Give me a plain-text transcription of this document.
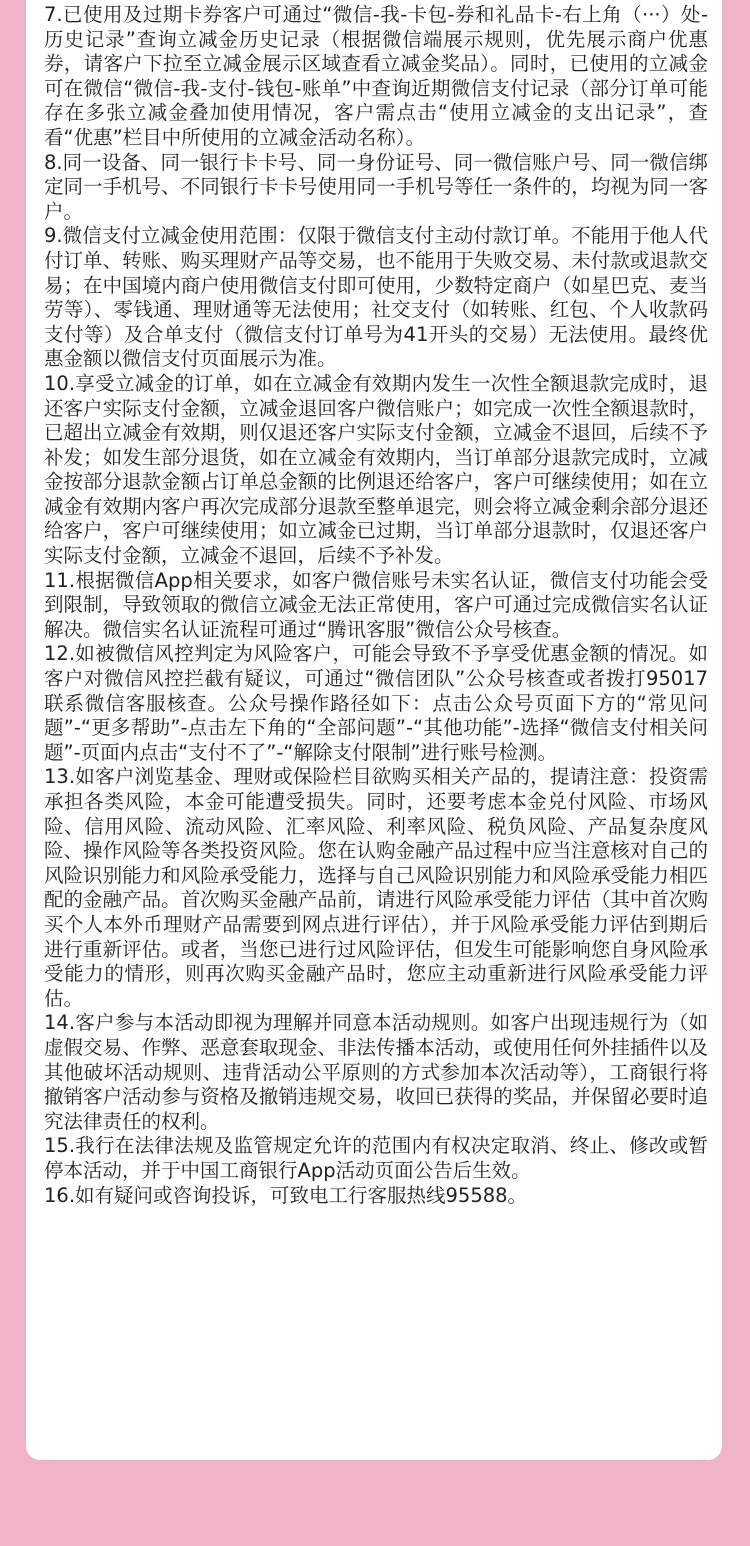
7.已使用及过期卡券客户可通过“微信-我-卡包-券和礼品卡-右上角（···）处-历史记录”查询立减金历史记录（根据微信端展示规则，优先展示商户优惠券，请客户下拉至立减金展示区域查看立减金奖品）。同时，已使用的立减金可在微信“微信-我-支付-钱包-账单”中查询近期微信支付记录（部分订单可能存在多张立减金叠加使用情况，客户需点击“使用立减金的支出记录”，查看“优惠”栏目中所使用的立减金活动名称）。
8.同一设备、同一银行卡卡号、同一身份证号、同一微信账户号、同一微信绑定同一手机号、不同银行卡卡号使用同一手机号等任一条件的，均视为同一客户。
9.微信支付立减金使用范围：仅限于微信支付主动付款订单。不能用于他人代付订单、转账、购买理财产品等交易，也不能用于失败交易、未付款或退款交易；在中国境内商户使用微信支付即可使用，少数特定商户（如星巴克、麦当劳等）、零钱通、理财通等无法使用；社交支付（如转账、红包、个人收款码支付等）及合单支付（微信支付订单号为41开头的交易）无法使用。最终优惠金额以微信支付页面展示为准。
10.享受立减金的订单，如在立减金有效期内发生一次性全额退款完成时，退还客户实际支付金额，立减金退回客户微信账户；如完成一次性全额退款时，已超出立减金有效期，则仅退还客户实际支付金额，立减金不退回，后续不予补发；如发生部分退货，如在立减金有效期内，当订单部分退款完成时，立减金按部分退款金额占订单总金额的比例退还给客户，客户可继续使用；如在立减金有效期内客户再次完成部分退款至整单退完，则会将立减金剩余部分退还给客户，客户可继续使用；如立减金已过期，当订单部分退款时，仅退还客户实际支付金额，立减金不退回，后续不予补发。
11.根据微信App相关要求，如客户微信账号未实名认证，微信支付功能会受到限制，导致领取的微信立减金无法正常使用，客户可通过完成微信实名认证解决。微信实名认证流程可通过“腾讯客服”微信公众号核查。
12.如被微信风控判定为风险客户，可能会导致不予享受优惠金额的情况。如客户对微信风控拦截有疑议，可通过“微信团队”公众号核查或者拨打95017联系微信客服核查。公众号操作路径如下：点击公众号页面下方的“常见问题”-“更多帮助”-点击左下角的“全部问题”-“其他功能”-选择“微信支付相关问题”-页面内点击“支付不了”-“解除支付限制”进行账号检测。
13.如客户浏览基金、理财或保险栏目欲购买相关产品的，提请注意：投资需承担各类风险，本金可能遭受损失。同时，还要考虑本金兑付风险、市场风险、信用风险、流动风险、汇率风险、利率风险、税负风险、产品复杂度风险、操作风险等各类投资风险。您在认购金融产品过程中应当注意核对自己的风险识别能力和风险承受能力，选择与自己风险识别能力和风险承受能力相匹配的金融产品。首次购买金融产品前，请进行风险承受能力评估（其中首次购买个人本外币理财产品需要到网点进行评估），并于风险承受能力评估到期后进行重新评估。或者，当您已进行过风险评估，但发生可能影响您自身风险承受能力的情形，则再次购买金融产品时，您应主动重新进行风险承受能力评估。
14.客户参与本活动即视为理解并同意本活动规则。如客户出现违规行为（如虚假交易、作弊、恶意套取现金、非法传播本活动，或使用任何外挂插件以及其他破坏活动规则、违背活动公平原则的方式参加本次活动等），工商银行将撤销客户活动参与资格及撤销违规交易，收回已获得的奖品，并保留必要时追究法律责任的权利。
15.我行在法律法规及监管规定允许的范围内有权决定取消、终止、修改或暂停本活动，并于中国工商银行App活动页面公告后生效。
16.如有疑问或咨询投诉，可致电工行客服热线95588。
